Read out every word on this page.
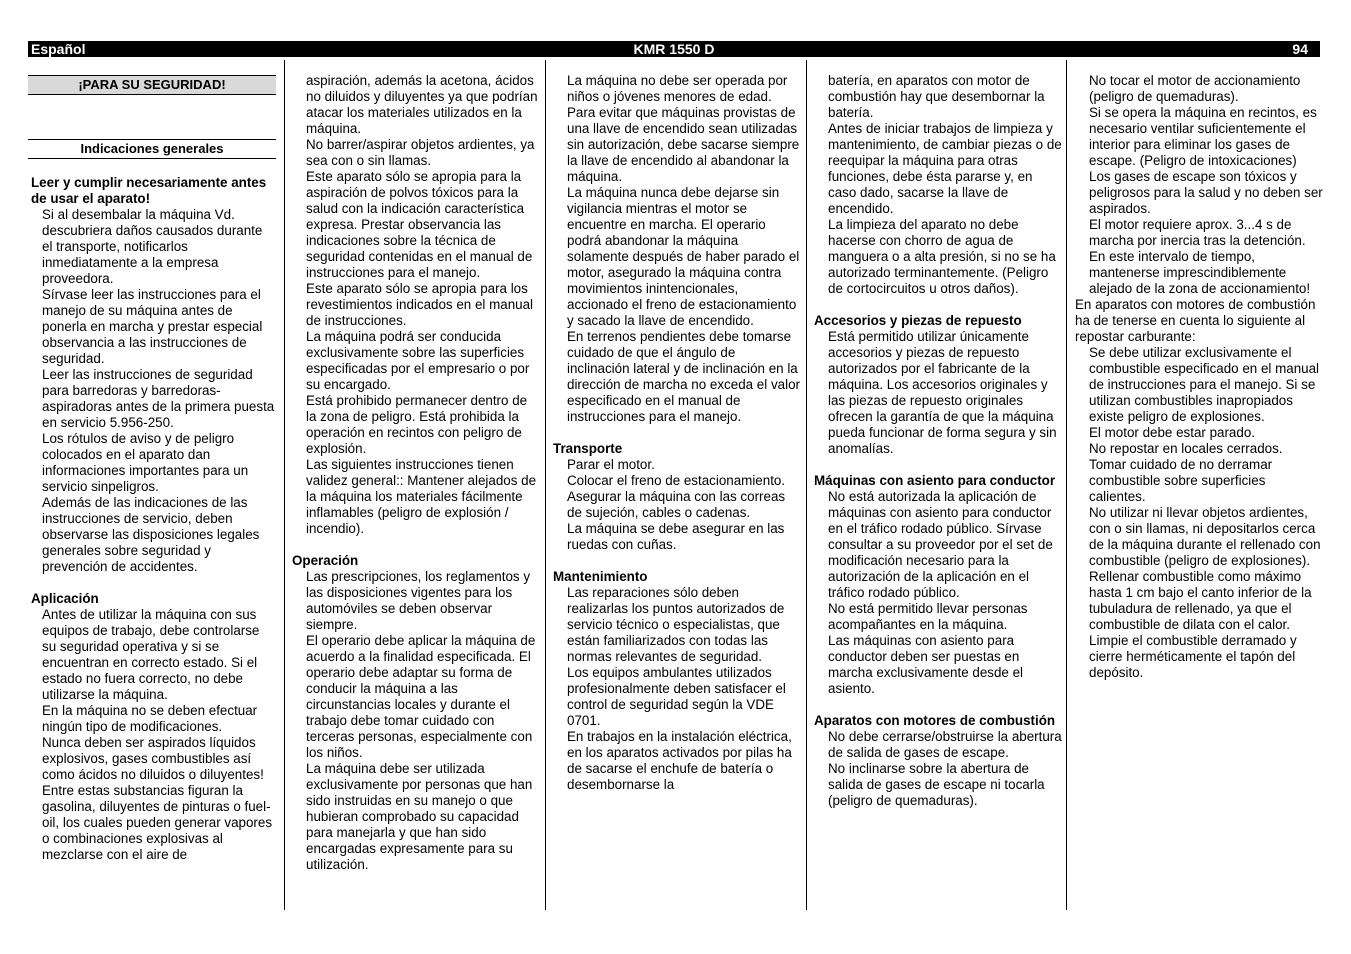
Español	KMR 1550 D	94
¡PARA SU SEGURIDAD!
Indicaciones generales
Leer y cumplir necesariamente antes de usar el aparato!
Si al desembalar la máquina Vd. descubriera daños causados durante el transporte, notificarlos inmediatamente a la empresa proveedora.
Sírvase leer las instrucciones para el manejo de su máquina antes de ponerla en marcha y prestar especial observancia a las instrucciones de seguridad.
Leer las instrucciones de seguridad para barredoras y barredoras-aspiradoras antes de la primera puesta en servicio 5.956-250.
Los rótulos de aviso y de peligro colocados en el aparato dan informaciones importantes para un servicio sinpeligros.
Además de las indicaciones de las instrucciones de servicio, deben observarse las disposiciones legales generales sobre seguridad y prevención de accidentes.
Aplicación
Antes de utilizar la máquina con sus equipos de trabajo, debe controlarse su seguridad operativa y si se encuentran en correcto estado. Si el estado no fuera correcto, no debe utilizarse la máquina.
En la máquina no se deben efectuar ningún tipo de modificaciones.
Nunca deben ser aspirados líquidos explosivos, gases combustibles así como ácidos no diluidos o diluyentes! Entre estas substancias figuran la gasolina, diluyentes de pinturas o fuel-oil, los cuales pueden generar vapores o combinaciones explosivas al mezclarse con el aire de
aspiración, además la acetona, ácidos no diluidos y diluyentes ya que podrían atacar los materiales utilizados en la máquina.
No barrer/aspirar objetos ardientes, ya sea con o sin llamas.
Este aparato sólo se apropia para la aspiración de polvos tóxicos para la salud con la indicación característica expresa. Prestar observancia las indicaciones sobre la técnica de seguridad contenidas en el manual de instrucciones para el manejo.
Este aparato sólo se apropia para los revestimientos indicados en el manual de instrucciones.
La máquina podrá ser conducida exclusivamente sobre las superficies especificadas por el empresario o por su encargado.
Está prohibido permanecer dentro de la zona de peligro. Está prohibida la operación en recintos con peligro de explosión.
Las siguientes instrucciones tienen validez general:: Mantener alejados de la máquina los materiales fácilmente inflamables (peligro de explosión / incendio).
Operación
Las prescripciones, los reglamentos y las disposiciones vigentes para los automóviles se deben observar siempre.
El operario debe aplicar la máquina de acuerdo a la finalidad especificada. El operario debe adaptar su forma de conducir la máquina a las circunstancias locales y durante el trabajo debe tomar cuidado con terceras personas, especialmente con los niños.
La máquina debe ser utilizada exclusivamente por personas que han sido instruidas en su manejo o que hubieran comprobado su capacidad para manejarla y que han sido encargadas expresamente para su utilización.
La máquina no debe ser operada por niños o jóvenes menores de edad.
Para evitar que máquinas provistas de una llave de encendido sean utilizadas sin autorización, debe sacarse siempre la llave de encendido al abandonar la máquina.
La máquina nunca debe dejarse sin vigilancia mientras el motor se encuentre en marcha. El operario podrá abandonar la máquina solamente después de haber parado el motor, asegurado la máquina contra movimientos inintencionales, accionado el freno de estacionamiento y sacado la llave de encendido.
En terrenos pendientes debe tomarse cuidado de que el ángulo de inclinación lateral y de inclinación en la dirección de marcha no exceda el valor especificado en el manual de instrucciones para el manejo.
Transporte
Parar el motor.
Colocar el freno de estacionamiento.
Asegurar la máquina con las correas de sujeción, cables o cadenas.
La máquina se debe asegurar en las ruedas con cuñas.
Mantenimiento
Las reparaciones sólo deben realizarlas los puntos autorizados de servicio técnico o especialistas, que están familiarizados con todas las normas relevantes de seguridad.
Los equipos ambulantes utilizados profesionalmente deben satisfacer el control de seguridad según la VDE 0701.
En trabajos en la instalación eléctrica, en los aparatos activados por pilas ha de sacarse el enchufe de batería o desembornarse la
batería, en aparatos con motor de combustión hay que desembornar la batería.
Antes de iniciar trabajos de limpieza y mantenimiento, de cambiar piezas o de reequipar la máquina para otras funciones, debe ésta pararse y, en caso dado, sacarse la llave de encendido.
La limpieza del aparato no debe hacerse con chorro de agua de manguera o a alta presión, si no se ha autorizado terminantemente. (Peligro de cortocircuitos u otros daños).
Accesorios y piezas de repuesto
Está permitido utilizar únicamente accesorios y piezas de repuesto autorizados por el fabricante de la máquina. Los accesorios originales y las piezas de repuesto originales ofrecen la garantía de que la máquina pueda funcionar de forma segura y sin anomalías.
Máquinas con asiento para conductor
No está autorizada la aplicación de máquinas con asiento para conductor en el tráfico rodado público. Sírvase consultar a su proveedor por el set de modificación necesario para la autorización de la aplicación en el tráfico rodado público.
No está permitido llevar personas acompañantes en la máquina.
Las máquinas con asiento para conductor deben ser puestas en marcha exclusivamente desde el asiento.
Aparatos con motores de combustión
No debe cerrarse/obstruirse la abertura de salida de gases de escape.
No inclinarse sobre la abertura de salida de gases de escape ni tocarla (peligro de quemaduras).
No tocar el motor de accionamiento (peligro de quemaduras).
Si se opera la máquina en recintos, es necesario ventilar suficientemente el interior para eliminar los gases de escape. (Peligro de intoxicaciones)
Los gases de escape son tóxicos y peligrosos para la salud y no deben ser aspirados.
El motor requiere aprox. 3...4 s de marcha por inercia tras la detención. En este intervalo de tiempo, mantenerse imprescindiblemente alejado de la zona de accionamiento!
En aparatos con motores de combustión ha de tenerse en cuenta lo siguiente al repostar carburante:
Se debe utilizar exclusivamente el combustible especificado en el manual de instrucciones para el manejo. Si se utilizan combustibles inapropiados existe peligro de explosiones.
El motor debe estar parado.
No repostar en locales cerrados.
Tomar cuidado de no derramar combustible sobre superficies calientes.
No utilizar ni llevar objetos ardientes, con o sin llamas, ni depositarlos cerca de la máquina durante el rellenado con combustible (peligro de explosiones).
Rellenar combustible como máximo hasta 1 cm bajo el canto inferior de la tubuladura de rellenado, ya que el combustible de dilata con el calor.
Limpie el combustible derramado y cierre herméticamente el tapón del depósito.
